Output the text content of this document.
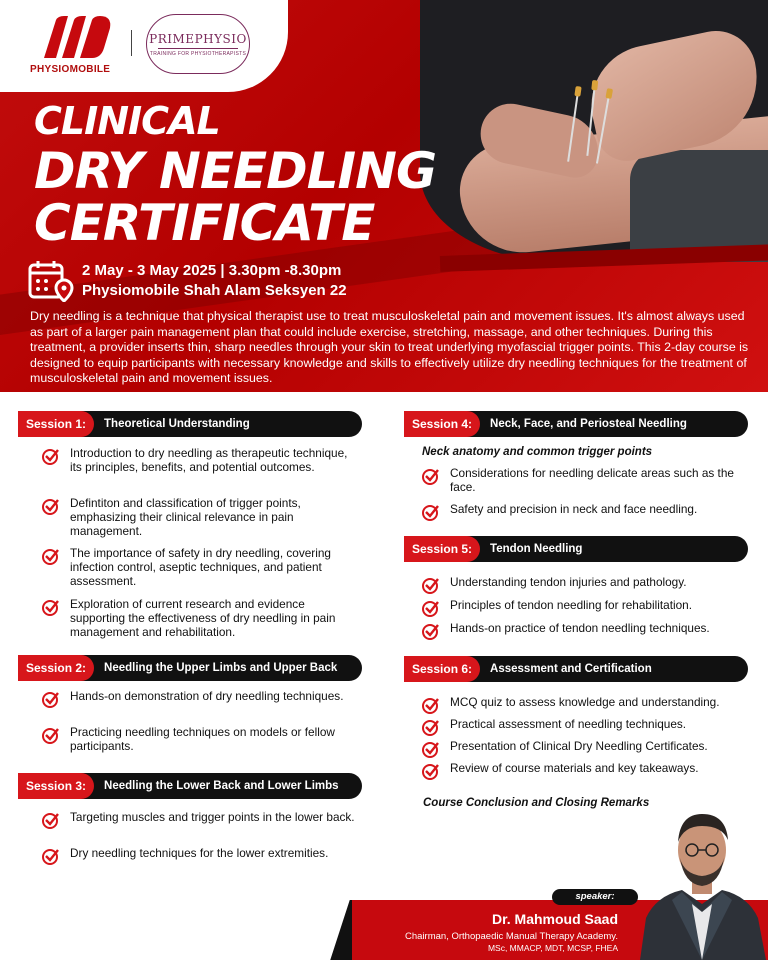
PHYSIOMOBILE
PRIMEPHYSIO
TRAINING FOR PHYSIOTHERAPISTS
CLINICAL
DRY NEEDLING
CERTIFICATE
2 May - 3 May 2025 | 3.30pm -8.30pm
Physiomobile Shah Alam Seksyen 22
Dry needling is a technique that physical therapist use to treat musculoskeletal pain and movement issues. It's almost always used as part of a larger pain management plan that could include exercise, stretching, massage, and other techniques. During this treatment, a provider inserts thin, sharp needles through your skin to treat underlying myofascial trigger points. This 2-day course is designed to equip participants with necessary knowledge and skills to effectively utilize dry needling techniques for the treatment of musculoskeletal pain and movement issues.
Session 1:	Theoretical Understanding
Introduction to dry needling as therapeutic technique, its principles, benefits, and potential outcomes.
Defintiton and classification of trigger points, emphasizing their clinical relevance in pain management.
The importance of safety in dry needling, covering infection control, aseptic techniques, and patient assessment.
Exploration of current research and evidence supporting the effectiveness of dry needling in pain management and rehabilitation.
Session 2:	Needling the Upper Limbs and Upper Back
Hands-on demonstration of dry needling techniques.
Practicing needling techniques on models or fellow participants.
Session 3:	Needling the Lower Back and Lower Limbs
Targeting muscles and trigger points in the lower back.
Dry needling techniques for the lower extremities.
Session 4:	Neck, Face, and Periosteal Needling
Neck anatomy and common trigger points
Considerations for needling delicate areas such as the face.
Safety and precision in neck and face needling.
Session 5:	Tendon Needling
Understanding tendon injuries and pathology.
Principles of tendon needling for rehabilitation.
Hands-on practice of tendon needling techniques.
Session 6:	Assessment and Certification
MCQ quiz to assess knowledge and understanding.
Practical assessment of needling techniques.
Presentation of Clinical Dry Needling Certificates.
Review of course materials and key takeaways.
Course Conclusion and Closing Remarks
speaker:
Dr. Mahmoud Saad
Chairman, Orthopaedic Manual Therapy Academy.
MSc, MMACP, MDT, MCSP, FHEA
